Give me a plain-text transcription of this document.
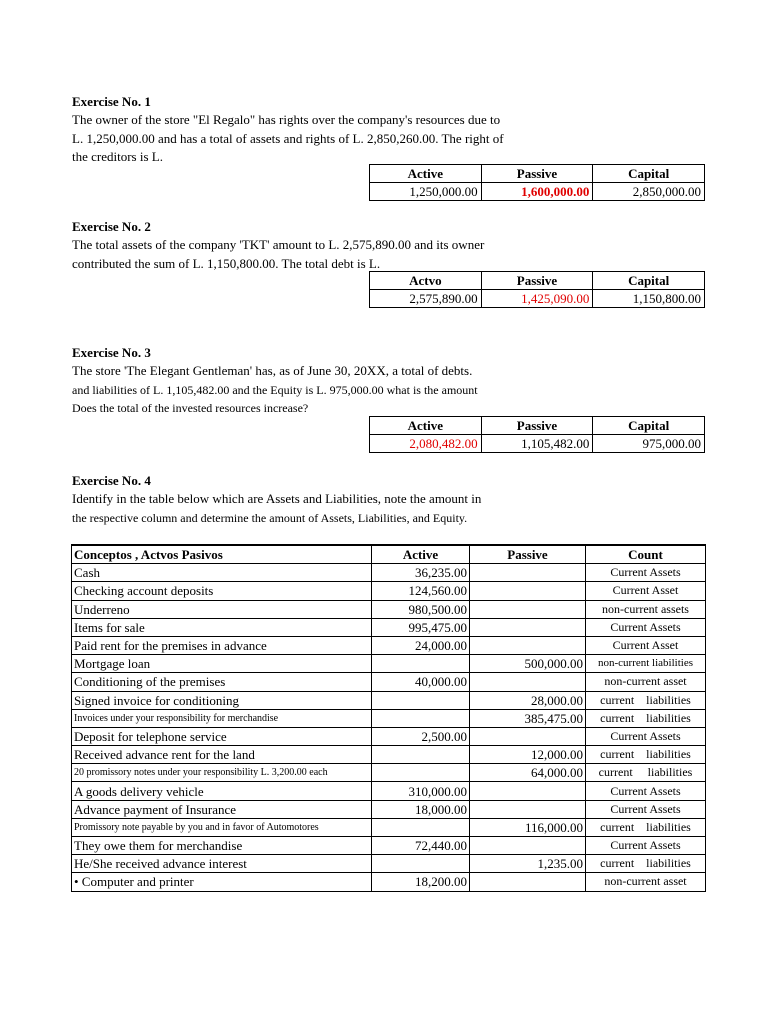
Exercise No. 1
The owner of the store "El Regalo" has rights over the company's resources due to
L. 1,250,000.00 and has a total of assets and rights of L. 2,850,260.00. The right of
the creditors is L.
Active	Passive	Capital
1,250,000.00	1,600,000.00	2,850,000.00
Exercise No. 2
The total assets of the company 'TKT' amount to L. 2,575,890.00 and its owner
contributed the sum of L. 1,150,800.00. The total debt is L.
Actvo	Passive	Capital
2,575,890.00	1,425,090.00	1,150,800.00
Exercise No. 3
The store 'The Elegant Gentleman' has, as of June 30, 20XX, a total of debts.
and liabilities of L. 1,105,482.00 and the Equity is L. 975,000.00 what is the amount
Does the total of the invested resources increase?
Active	Passive	Capital
2,080,482.00	1,105,482.00	975,000.00
Exercise No. 4
Identify in the table below which are Assets and Liabilities, note the amount in
the respective column and determine the amount of Assets, Liabilities, and Equity.
Conceptos , Actvos Pasivos	Active	Passive	Count
Cash	36,235.00		Current Assets
Checking account deposits	124,560.00		Current Asset
Underreno	980,500.00		non-current assets
Items for sale	995,475.00		Current Assets
Paid rent for the premises in advance	24,000.00		Current Asset
Mortgage loan		500,000.00	non-current liabilities
Conditioning of the premises	40,000.00		non-current asset
Signed invoice for conditioning		28,000.00	current    liabilities
Invoices under your responsibility for merchandise		385,475.00	current    liabilities
Deposit for telephone service	2,500.00		Current Assets
Received advance rent for the land		12,000.00	current    liabilities
20 promissory notes under your responsibility L. 3,200.00 each		64,000.00	current     liabilities
A goods delivery vehicle	310,000.00		Current Assets
Advance payment of Insurance	18,000.00		Current Assets
Promissory note payable by you and in favor of Automotores		116,000.00	current    liabilities
They owe them for merchandise	72,440.00		Current Assets
He/She received advance interest		1,235.00	current    liabilities
• Computer and printer	18,200.00		non-current asset
